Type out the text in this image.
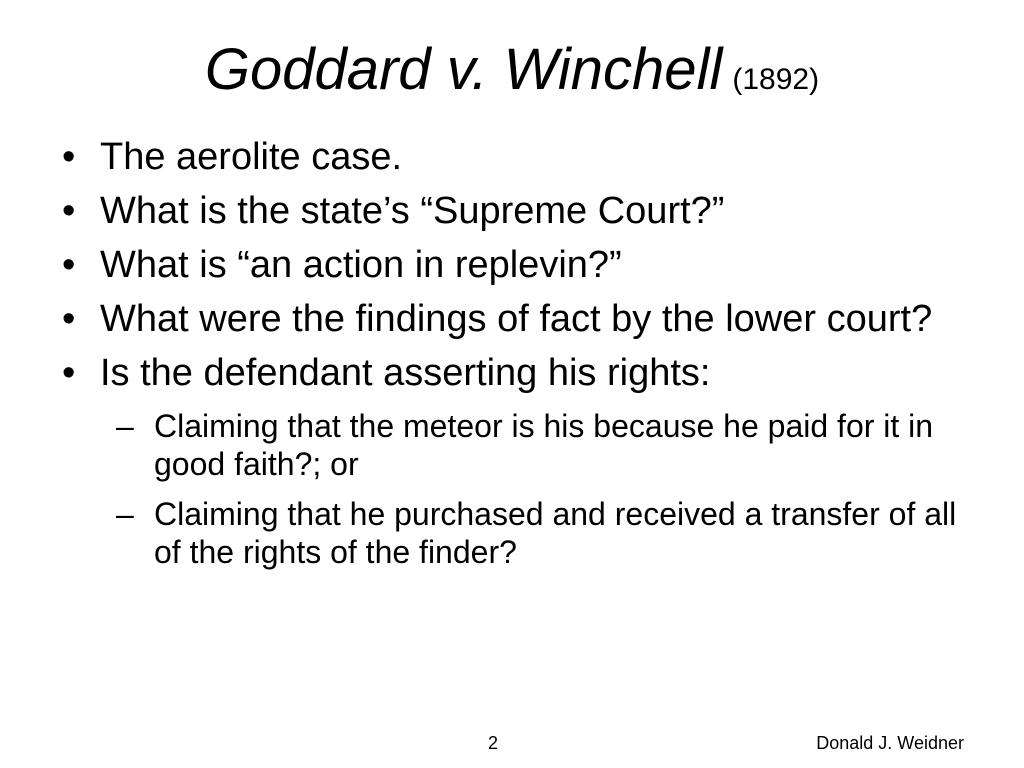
Goddard v. Winchell (1892)
• The aerolite case.
• What is the state’s “Supreme Court?”
• What is “an action in replevin?”
• What were the findings of fact by the lower court?
• Is the defendant asserting his rights:
– Claiming that the meteor is his because he paid for it in good faith?; or
– Claiming that he purchased and received a transfer of all of the rights of the finder?
2	Donald J. Weidner
